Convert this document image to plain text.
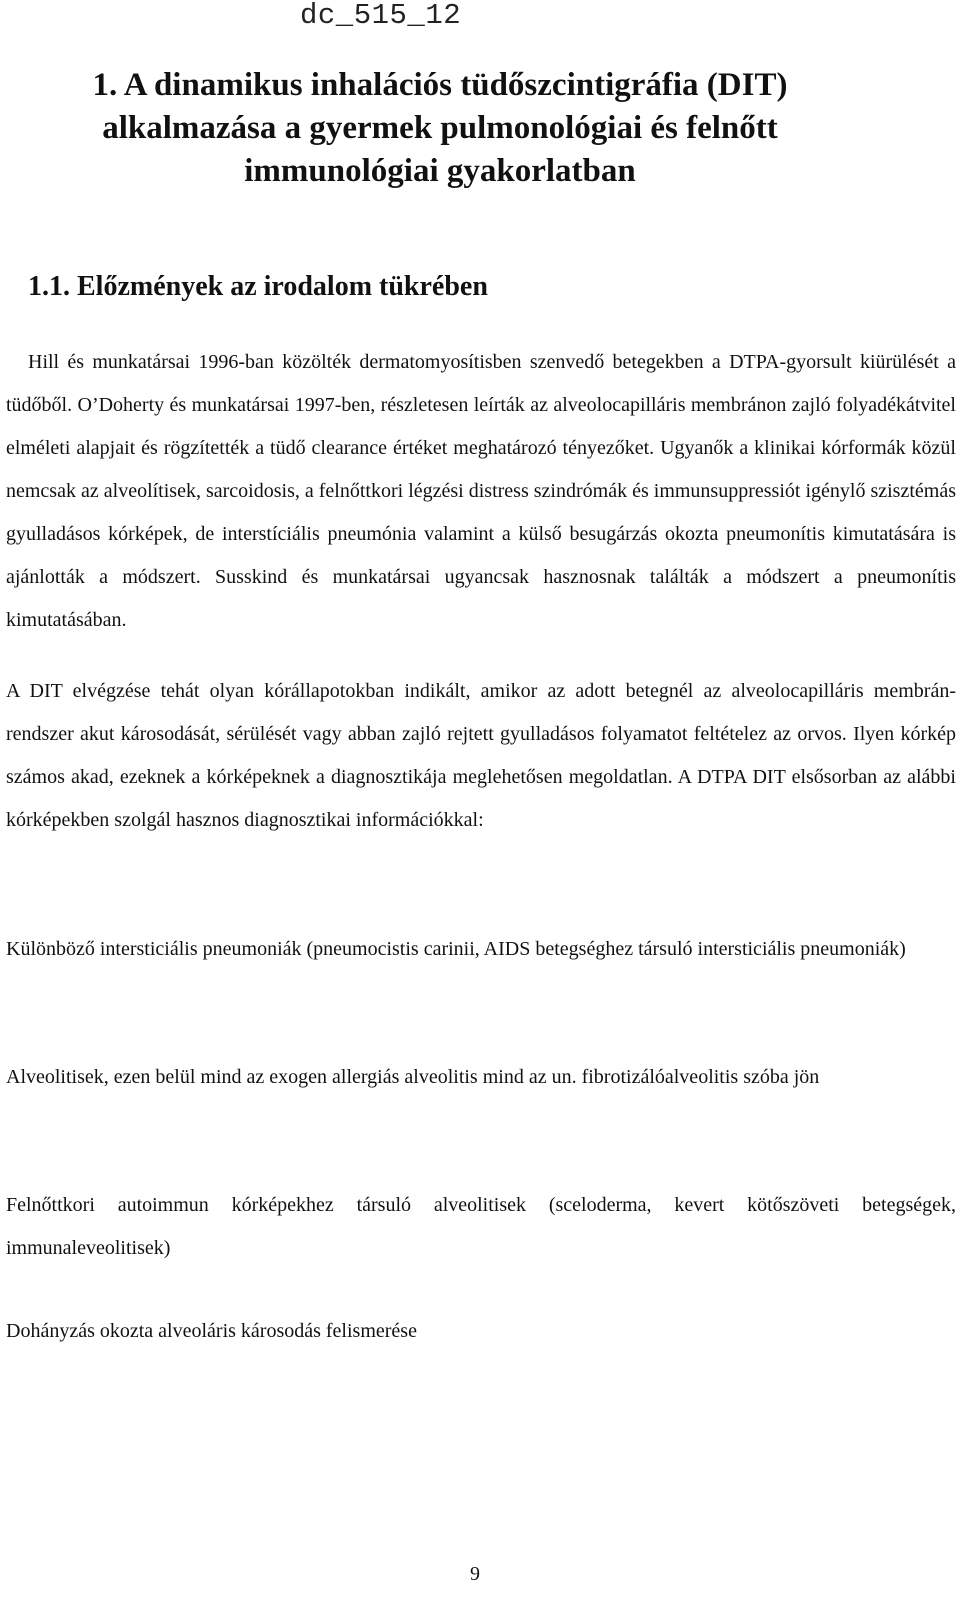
dc_515_12
1. A dinamikus inhalációs tüdőszcintigráfia (DIT) alkalmazása a gyermek pulmonológiai és felnőtt immunológiai gyakorlatban
1.1. Előzmények az irodalom tükrében

Hill és munkatársai 1996-ban közölték dermatomyosítisben szenvedő betegekben a DTPA-gyorsult kiürülését a tüdőből. O’Doherty és munkatársai 1997-ben, részletesen leírták az alveolocapilláris membránon zajló folyadékátvitel elméleti alapjait és rögzítették a tüdő clearance értéket meghatározó tényezőket. Ugyanők a klinikai kórformák közül nemcsak az alveolítisek, sarcoidosis, a felnőttkori légzési distress szindrómák és immunsuppressiót igénylő szisztémás gyulladásos kórképek, de interstíciális pneumónia valamint a külső besugárzás okozta pneumonítis kimutatására is ajánlották a módszert. Susskind és munkatársai ugyancsak hasznosnak találták a módszert a pneumonítis kimutatásában.

A DIT elvégzése tehát olyan kórállapotokban indikált, amikor az adott betegnél az alveolocapilláris membrán-rendszer akut károsodását, sérülését vagy abban zajló rejtett gyulladásos folyamatot feltételez az orvos. Ilyen kórkép számos akad, ezeknek a kórképeknek a diagnosztikája meglehetősen megoldatlan. A DTPA DIT elsősorban az alábbi kórképekben szolgál hasznos diagnosztikai információkkal:

Különböző intersticiális pneumoniák (pneumocistis carinii, AIDS betegséghez társuló intersticiális pneumoniák)
Alveolitisek, ezen belül mind az exogen allergiás alveolitis mind az un. fibrotizálóalveolitis szóba jön
Felnőttkori autoimmun kórképekhez társuló alveolitisek (sceloderma, kevert kötőszöveti betegségek, immunaleveolitisek)
Dohányzás okozta alveoláris károsodás felismerése
9
